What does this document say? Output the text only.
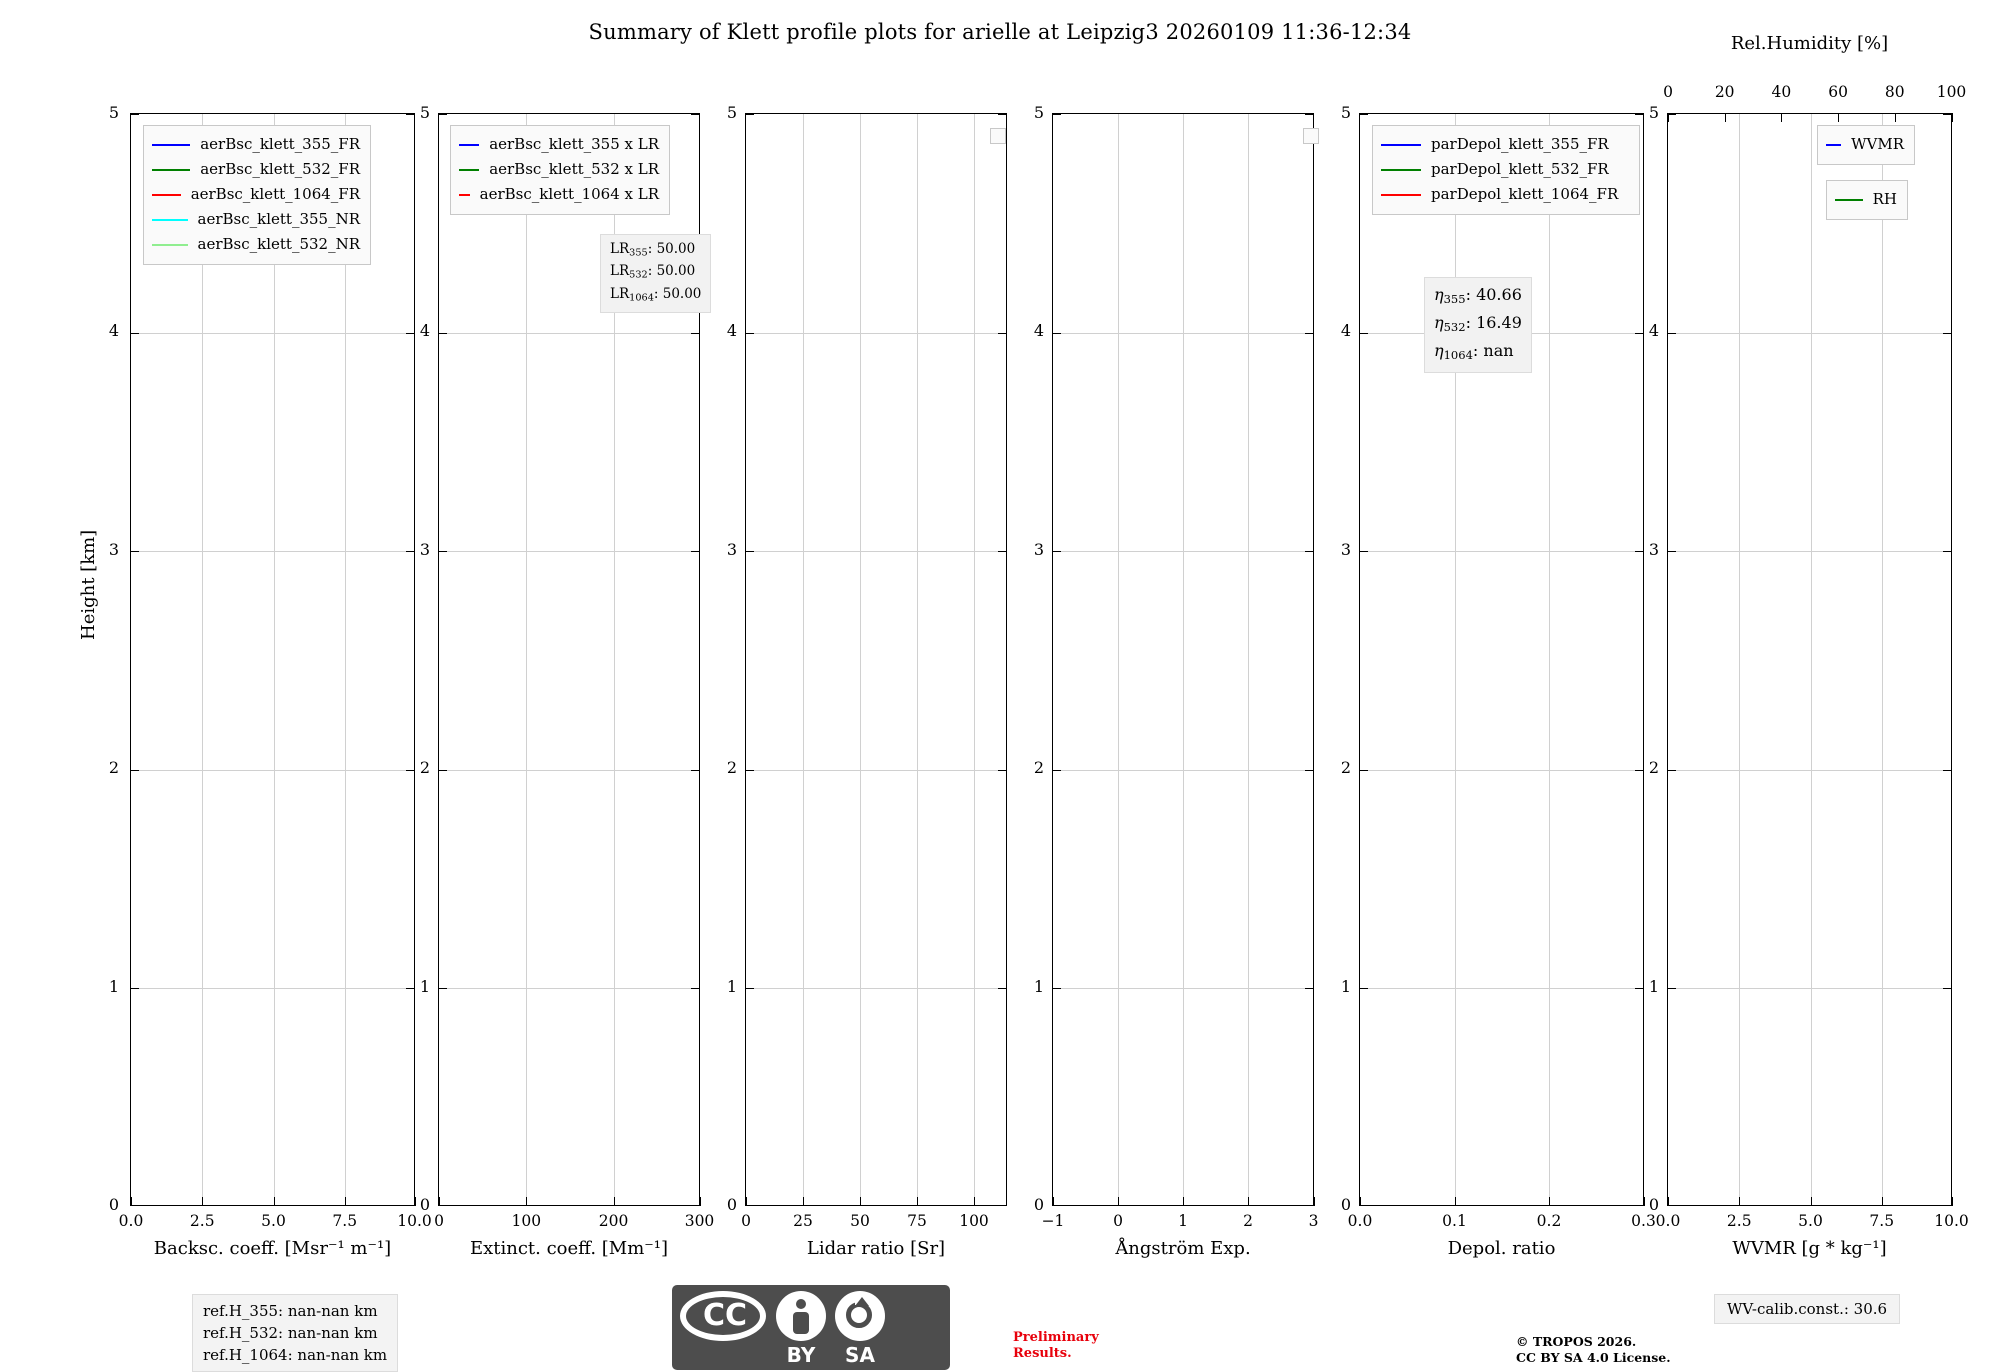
Summary of Klett profile plots for arielle at Leipzig3 20260109 11:36-12:34
Height [km]
5
4
3
2
1
0
0.0	2.5	5.0	7.5	10.0
Backsc. coeff. [Msr⁻¹ m⁻¹]
aerBsc_klett_355_FR
aerBsc_klett_532_FR
aerBsc_klett_1064_FR
aerBsc_klett_355_NR
aerBsc_klett_532_NR
ref.H_355: nan-nan km
ref.H_532: nan-nan km
ref.H_1064: nan-nan km
5
4
3
2
1
0
0	100	200	300
Extinct. coeff. [Mm⁻¹]
aerBsc_klett_355 x LR
aerBsc_klett_532 x LR
aerBsc_klett_1064 x LR
$LR_{355}$: 50.00
$LR_{532}$: 50.00
$LR_{1064}$: 50.00
5
4
3
2
1
0
0	25	50	75	100
Lidar ratio [Sr]
5
4
3
2
1
0
−1	0	1	2	3
Ångström Exp.
5
4
3
2
1
0
0.0	0.1	0.2	0.3
Depol. ratio
parDepol_klett_355_FR
parDepol_klett_532_FR
parDepol_klett_1064_FR
$\eta_{355}$: 40.66
$\eta_{532}$: 16.49
$\eta_{1064}$: nan
5
4
3
2
1
0
0.0	2.5	5.0	7.5	10.0
0	20	40	60	80	100
WVMR [g * kg⁻¹]
Rel.Humidity [%]
WVMR
RH
WV-calib.const.: 30.6
CC
BY	SA
Preliminary
Results.
© TROPOS 2026.
CC BY SA 4.0 License.
